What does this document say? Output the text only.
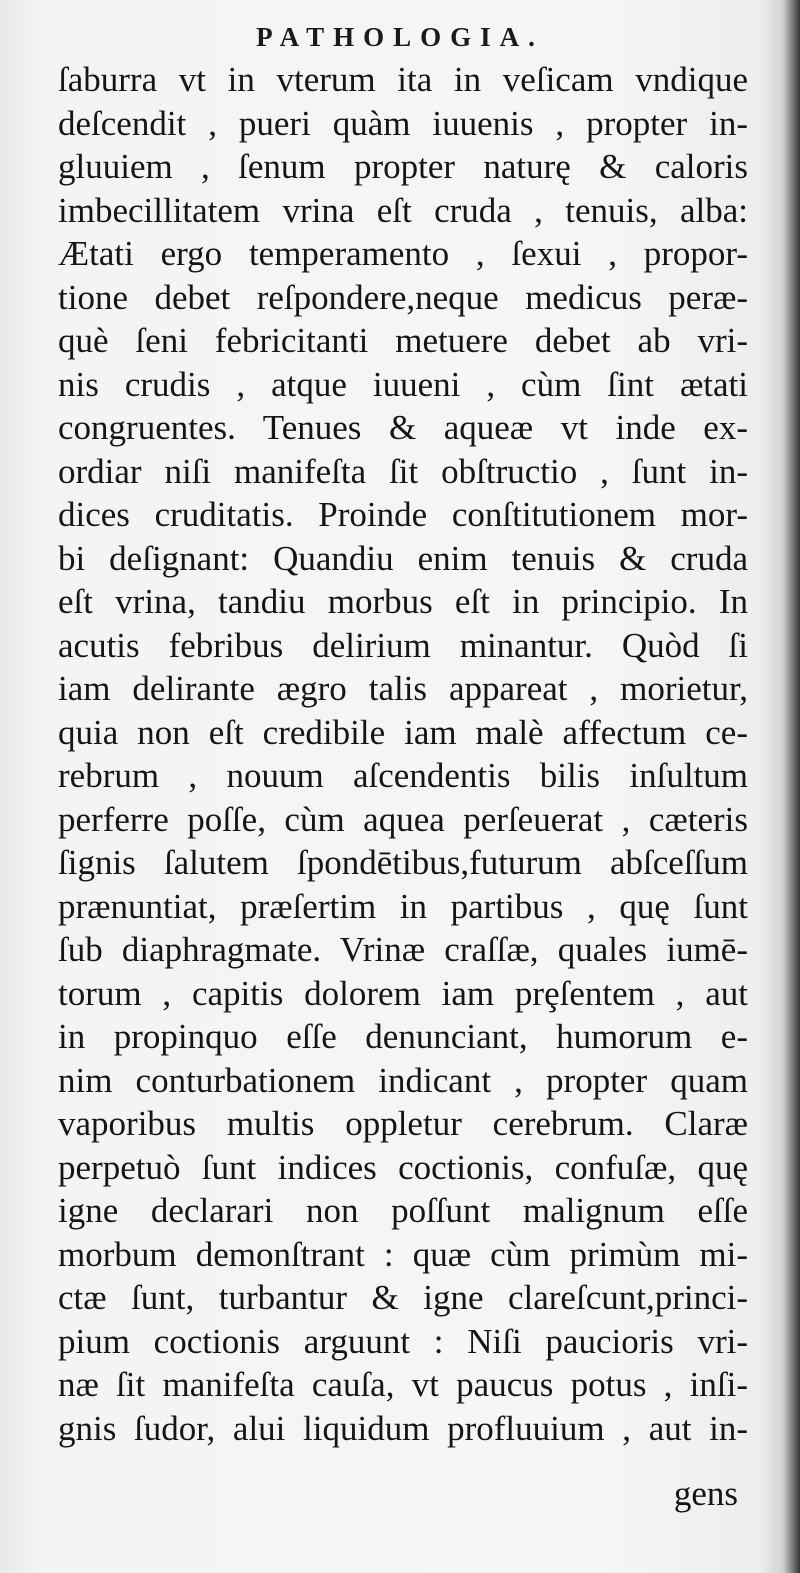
PATHOLOGIA.
ſaburra vt in vterum ita in veſicam vndique
deſcendit , pueri quàm iuuenis , propter in-
gluuiem , ſenum propter naturę & caloris
imbecillitatem vrina eſt cruda , tenuis, alba:
Ætati ergo temperamento , ſexui , propor-
tione debet reſpondere,neque medicus peræ-
què ſeni febricitanti metuere debet ab vri-
nis crudis , atque iuueni , cùm ſint ætati
congruentes. Tenues & aqueæ vt inde ex-
ordiar niſi manifeſta ſit obſtructio , ſunt in-
dices cruditatis. Proinde conſtitutionem mor-
bi deſignant: Quandiu enim tenuis & cruda
eſt vrina, tandiu morbus eſt in principio. In
acutis febribus delirium minantur. Quòd ſi
iam delirante ægro talis appareat , morietur,
quia non eſt credibile iam malè affectum ce-
rebrum , nouum aſcendentis bilis inſultum
perferre poſſe, cùm aquea perſeuerat , cæteris
ſignis ſalutem ſpondētibus,futurum abſceſſum
prænuntiat, præſertim in partibus , quę ſunt
ſub diaphragmate. Vrinæ craſſæ, quales iumē-
torum , capitis dolorem iam prȩſentem , aut
in propinquo eſſe denunciant, humorum e-
nim conturbationem indicant , propter quam
vaporibus multis oppletur cerebrum. Claræ
perpetuò ſunt indices coctionis, confuſæ, quę
igne declarari non poſſunt malignum eſſe
morbum demonſtrant : quæ cùm primùm mi-
ctæ ſunt, turbantur & igne clareſcunt,princi-
pium coctionis arguunt : Niſi paucioris vri-
næ ſit manifeſta cauſa, vt paucus potus , inſi-
gnis ſudor, alui liquidum profluuium , aut in-
gens
